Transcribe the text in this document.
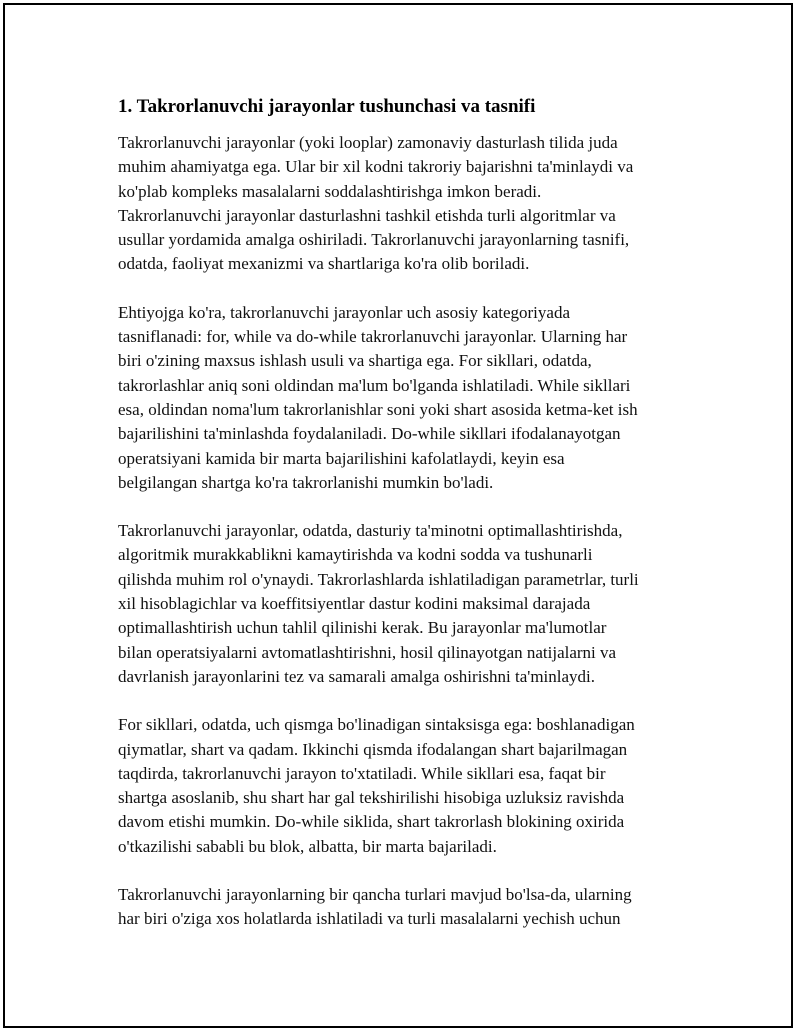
1. Takrorlanuvchi jarayonlar tushunchasi va tasnifi

Takrorlanuvchi jarayonlar (yoki looplar) zamonaviy dasturlash tilida juda
muhim ahamiyatga ega. Ular bir xil kodni takroriy bajarishni ta'minlaydi va
ko'plab kompleks masalalarni soddalashtirishga imkon beradi.
Takrorlanuvchi jarayonlar dasturlashni tashkil etishda turli algoritmlar va
usullar yordamida amalga oshiriladi. Takrorlanuvchi jarayonlarning tasnifi,
odatda, faoliyat mexanizmi va shartlariga ko'ra olib boriladi.

Ehtiyojga ko'ra, takrorlanuvchi jarayonlar uch asosiy kategoriyada
tasniflanadi: for, while va do-while takrorlanuvchi jarayonlar. Ularning har
biri o'zining maxsus ishlash usuli va shartiga ega. For sikllari, odatda,
takrorlashlar aniq soni oldindan ma'lum bo'lganda ishlatiladi. While sikllari
esa, oldindan noma'lum takrorlanishlar soni yoki shart asosida ketma-ket ish
bajarilishini ta'minlashda foydalaniladi. Do-while sikllari ifodalanayotgan
operatsiyani kamida bir marta bajarilishini kafolatlaydi, keyin esa
belgilangan shartga ko'ra takrorlanishi mumkin bo'ladi.

Takrorlanuvchi jarayonlar, odatda, dasturiy ta'minotni optimallashtirishda,
algoritmik murakkablikni kamaytirishda va kodni sodda va tushunarli
qilishda muhim rol o'ynaydi. Takrorlashlarda ishlatiladigan parametrlar, turli
xil hisoblagichlar va koeffitsiyentlar dastur kodini maksimal darajada
optimallashtirish uchun tahlil qilinishi kerak. Bu jarayonlar ma'lumotlar
bilan operatsiyalarni avtomatlashtirishni, hosil qilinayotgan natijalarni va
davrlanish jarayonlarini tez va samarali amalga oshirishni ta'minlaydi.

For sikllari, odatda, uch qismga bo'linadigan sintaksisga ega: boshlanadigan
qiymatlar, shart va qadam. Ikkinchi qismda ifodalangan shart bajarilmagan
taqdirda, takrorlanuvchi jarayon to'xtatiladi. While sikllari esa, faqat bir
shartga asoslanib, shu shart har gal tekshirilishi hisobiga uzluksiz ravishda
davom etishi mumkin. Do-while siklida, shart takrorlash blokining oxirida
o'tkazilishi sababli bu blok, albatta, bir marta bajariladi.

Takrorlanuvchi jarayonlarning bir qancha turlari mavjud bo'lsa-da, ularning
har biri o'ziga xos holatlarda ishlatiladi va turli masalalarni yechish uchun
